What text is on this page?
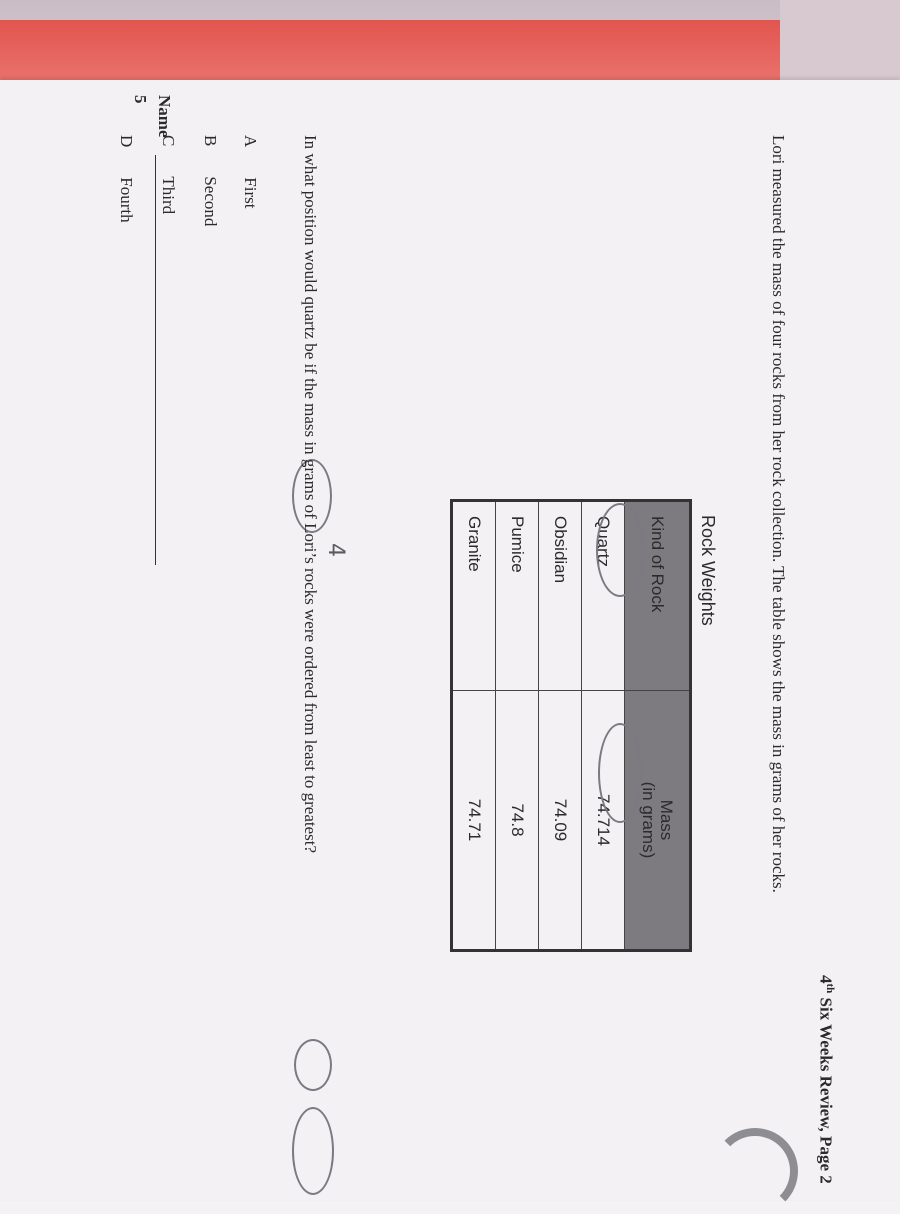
4th Six Weeks Review, Page 2
Name
5
Lori measured the mass of four rocks from her rock collection. The table shows the mass in grams of her rocks.
Rock Weights
Kind of Rock	Mass
(in grams)
Quartz	74.714
Obsidian	74.09
Pumice	74.8
Granite	74.71
4
In what position would quartz be if the mass in grams of Lori’s rocks were ordered from least to greatest?
A First
B Second
C Third
D Fourth
